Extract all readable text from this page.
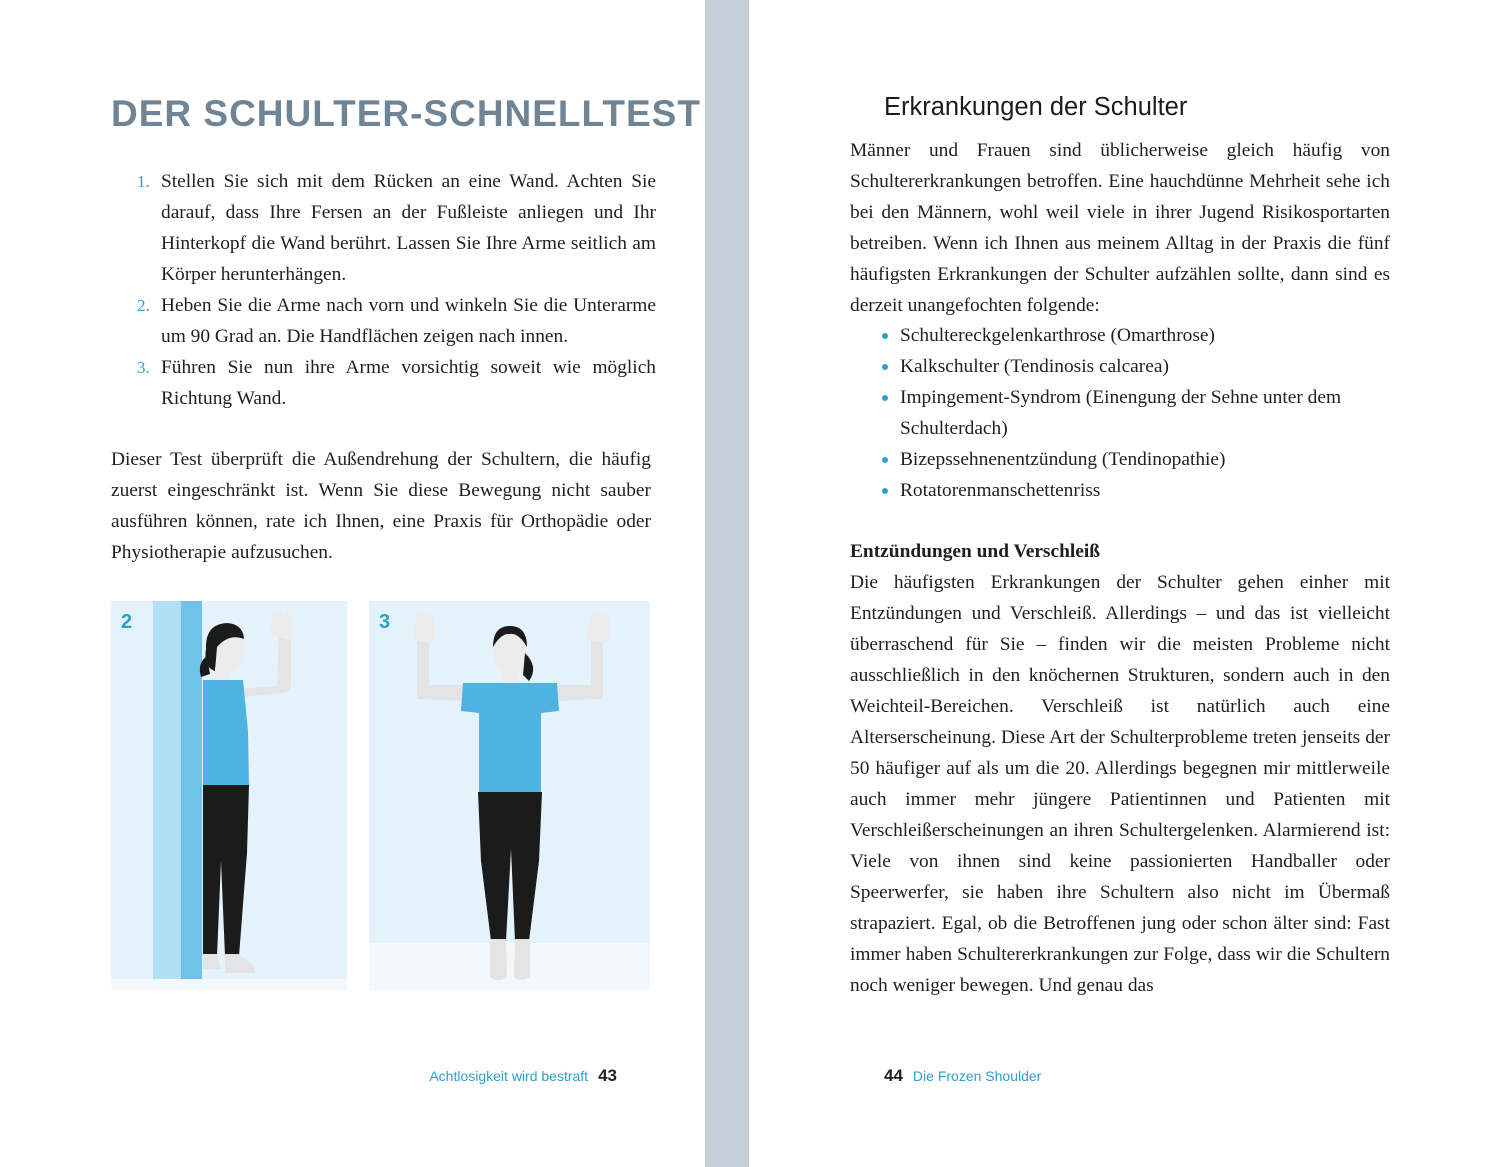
DER SCHULTER-SCHNELLTEST
1. Stellen Sie sich mit dem Rücken an eine Wand. Achten Sie darauf, dass Ihre Fersen an der Fußleiste anliegen und Ihr Hinterkopf die Wand berührt. Lassen Sie Ihre Arme seitlich am Körper herunterhängen.
2. Heben Sie die Arme nach vorn und winkeln Sie die Unterarme um 90 Grad an. Die Handflächen zeigen nach innen.
3. Führen Sie nun ihre Arme vorsichtig soweit wie möglich Richtung Wand.

Dieser Test überprüft die Außendrehung der Schultern, die häufig zuerst eingeschränkt ist. Wenn Sie diese Bewegung nicht sauber ausführen können, rate ich Ihnen, eine Praxis für Orthopädie oder Physiotherapie aufzusuchen.

2	3
Achtlosigkeit wird bestraft 43
Erkrankungen der Schulter

Männer und Frauen sind üblicherweise gleich häufig von Schultererkrankungen betroffen. Eine hauchdünne Mehrheit sehe ich bei den Männern, wohl weil viele in ihrer Jugend Risikosportarten betreiben. Wenn ich Ihnen aus meinem Alltag in der Praxis die fünf häufigsten Erkrankungen der Schulter aufzählen sollte, dann sind es derzeit unangefochten folgende:

Schultereckgelenkarthrose (Omarthrose)
Kalkschulter (Tendinosis calcarea)
Impingement-Syndrom (Einengung der Sehne unter dem Schulterdach)
Bizepssehnenentzündung (Tendinopathie)
Rotatorenmanschettenriss
Entzündungen und Verschleiß

Die häufigsten Erkrankungen der Schulter gehen einher mit Entzündungen und Verschleiß. Allerdings – und das ist vielleicht überraschend für Sie – finden wir die meisten Probleme nicht ausschließlich in den knöchernen Strukturen, sondern auch in den Weichteil-Bereichen. Verschleiß ist natürlich auch eine Alterserscheinung. Diese Art der Schulterprobleme treten jenseits der 50 häufiger auf als um die 20. Allerdings begegnen mir mittlerweile auch immer mehr jüngere Patientinnen und Patienten mit Verschleißerscheinungen an ihren Schultergelenken. Alarmierend ist: Viele von ihnen sind keine passionierten Handballer oder Speerwerfer, sie haben ihre Schultern also nicht im Übermaß strapaziert. Egal, ob die Betroffenen jung oder schon älter sind: Fast immer haben Schultererkrankungen zur Folge, dass wir die Schultern noch weniger bewegen. Und genau das

44 Die Frozen Shoulder
